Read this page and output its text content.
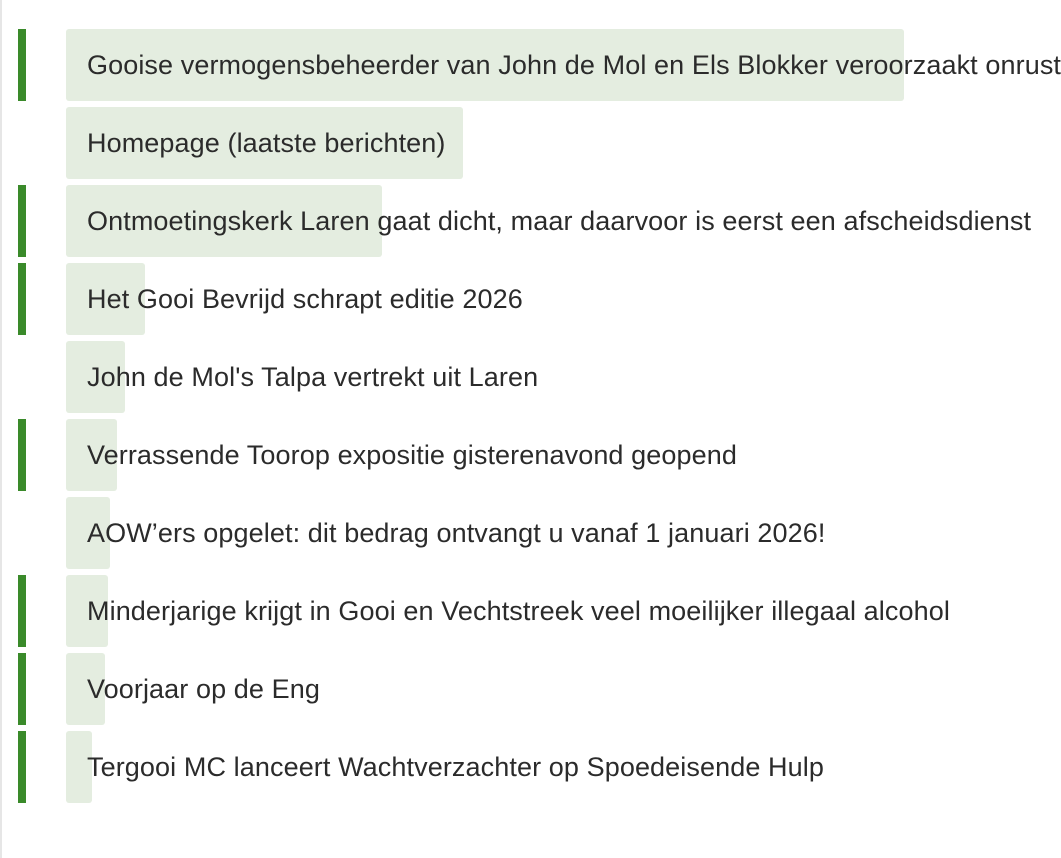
Gooise vermogensbeheerder van John de Mol en Els Blokker veroorzaakt onrust
Homepage (laatste berichten)
Ontmoetingskerk Laren gaat dicht, maar daarvoor is eerst een afscheidsdienst
Het Gooi Bevrijd schrapt editie 2026
John de Mol's Talpa vertrekt uit Laren
Verrassende Toorop expositie gisterenavond geopend
AOW’ers opgelet: dit bedrag ontvangt u vanaf 1 januari 2026!
Minderjarige krijgt in Gooi en Vechtstreek veel moeilijker illegaal alcohol
Voorjaar op de Eng
Tergooi MC lanceert Wachtverzachter op Spoedeisende Hulp
